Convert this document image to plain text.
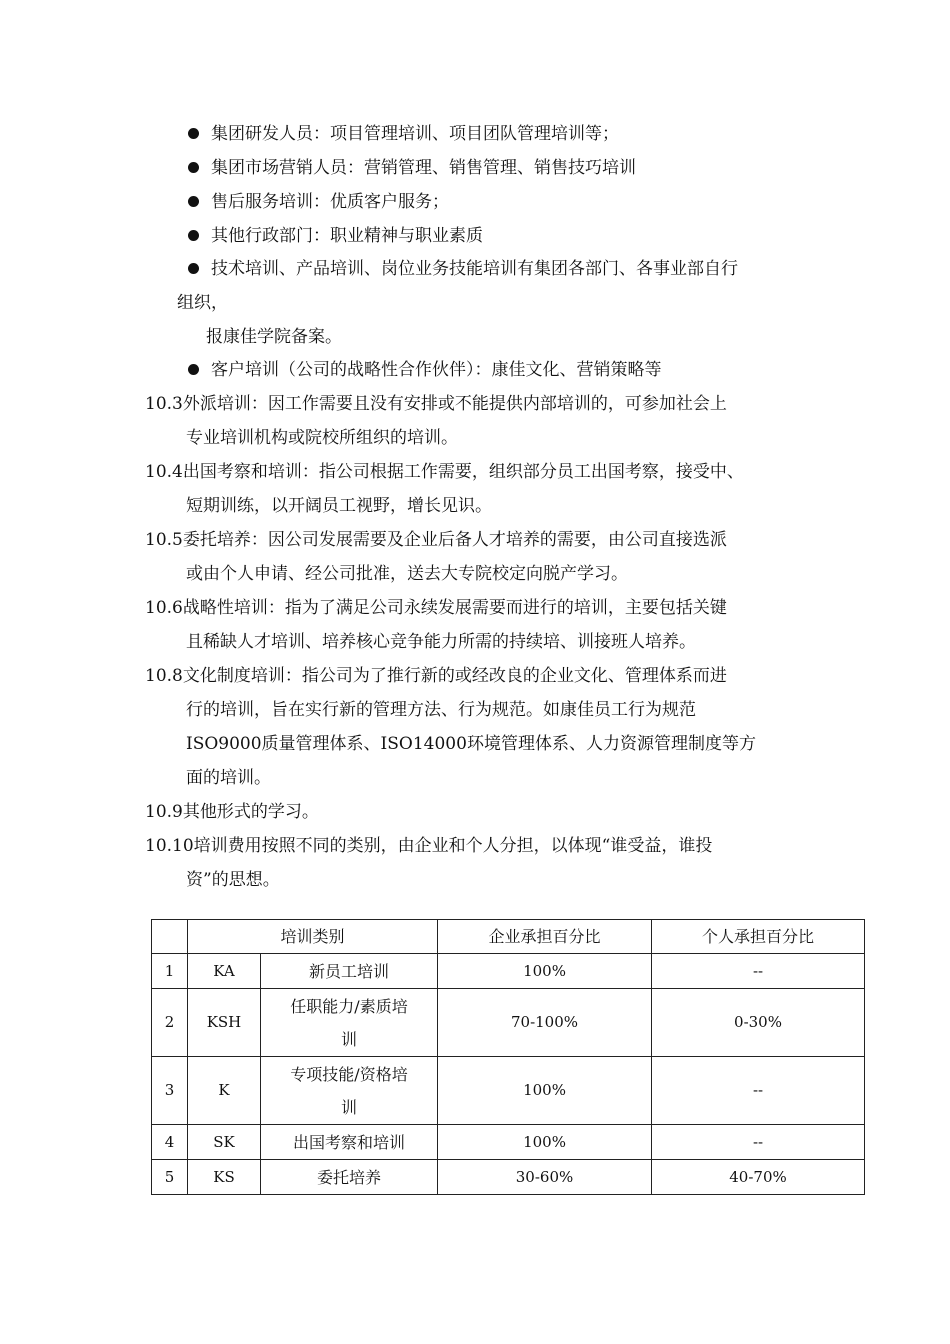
集团研发人员：项目管理培训、项目团队管理培训等；
集团市场营销人员：营销管理、销售管理、销售技巧培训
售后服务培训：优质客户服务；
其他行政部门：职业精神与职业素质
技术培训、产品培训、岗位业务技能培训有集团各部门、各事业部自行
组织，
报康佳学院备案。
客户培训（公司的战略性合作伙伴）：康佳文化、营销策略等
10.3外派培训：因工作需要且没有安排或不能提供内部培训的，可参加社会上
专业培训机构或院校所组织的培训。
10.4出国考察和培训：指公司根据工作需要，组织部分员工出国考察，接受中、
短期训练，以开阔员工视野，增长见识。
10.5委托培养：因公司发展需要及企业后备人才培养的需要，由公司直接选派
或由个人申请、经公司批准，送去大专院校定向脱产学习。
10.6战略性培训：指为了满足公司永续发展需要而进行的培训，主要包括关键
且稀缺人才培训、培养核心竞争能力所需的持续培、训接班人培养。
10.8文化制度培训：指公司为了推行新的或经改良的企业文化、管理体系而进
行的培训，旨在实行新的管理方法、行为规范。如康佳员工行为规范
ISO9000质量管理体系、ISO14000环境管理体系、人力资源管理制度等方
面的培训。
10.9其他形式的学习。
10.10培训费用按照不同的类别，由企业和个人分担，以体现“谁受益，谁投
资”的思想。
	培训类别		企业承担百分比	个人承担百分比
1	KA	新员工培训	100%	--
2	KSH	任职能力/素质培
训	70-100%	0-30%
3	K	专项技能/资格培
训	100%	--
4	SK	出国考察和培训	100%	--
5	KS	委托培养	30-60%	40-70%
